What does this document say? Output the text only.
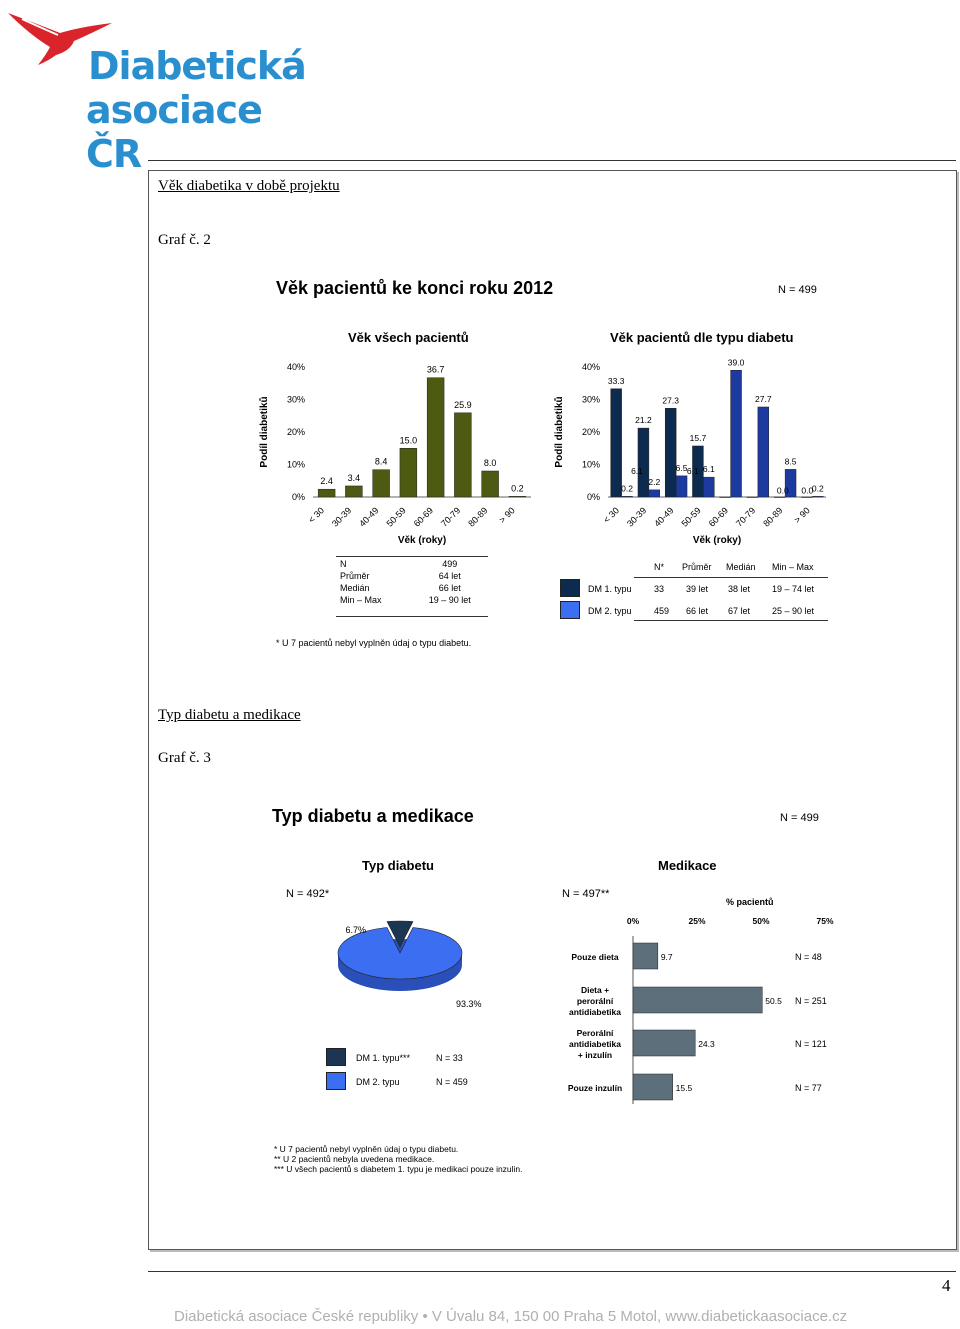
Diabetická
asociace ČR
Věk diabetika v době projektu
Graf č. 2
Věk pacientů ke konci roku 2012	N = 499
Věk všech pacientů	Věk pacientů dle typu diabetu
0%
10%
20%
30%
40%
Podíl diabetiků
< 30 30-39 40-49 50-59 60-69 70-79 80-89 > 90
Věk (roky)
2.4 3.4
8.4
15.0
36.7
25.9
8.0
0.2
0%
10%
20%
30%
40%
Podíl diabetiků
< 30 30-39 40-49 50-59 60-69 70-79 80-89 > 90
Věk (roky)
33.3
0.2
21.2
2.2
27.3
6.5
15.7
6.1
39.0
27.7
8.5
0.2
6.1	6.1
0.0 0.0
N	499
Průměr	64 let
Medián	66 let
Min – Max	19 – 90 let
N* Průměr Medián Min – Max
DM 1. typu 33 39 let 38 let 19 – 74 let
DM 2. typu 459 66 let 67 let 25 – 90 let
* U 7 pacientů nebyl vyplněn údaj o typu diabetu.
Typ diabetu a medikace
Graf č. 3
Typ diabetu a medikace	N = 499
Typ diabetu	Medikace
N = 492*	N = 497**
% pacientů
6.7%
93.3%
DM 1. typu***	N = 33
DM 2. typu	N = 459
0%	25%	50%	75%
9.7	N = 48
Pouze dieta
50.5 N = 251
Dieta +
perorální
antidiabetika
24.3	N = 121
Perorální
antidiabetika
+ inzulín
15.5	N = 77
Pouze inzulín
* U 7 pacientů nebyl vyplněn údaj o typu diabetu.
** U 2 pacientů nebyla uvedena medikace.
*** U všech pacientů s diabetem 1. typu je medikaci pouze inzulin.
4
Diabetická asociace České republiky • V Úvalu 84, 150 00 Praha 5 Motol, www.diabetickaasociace.cz
